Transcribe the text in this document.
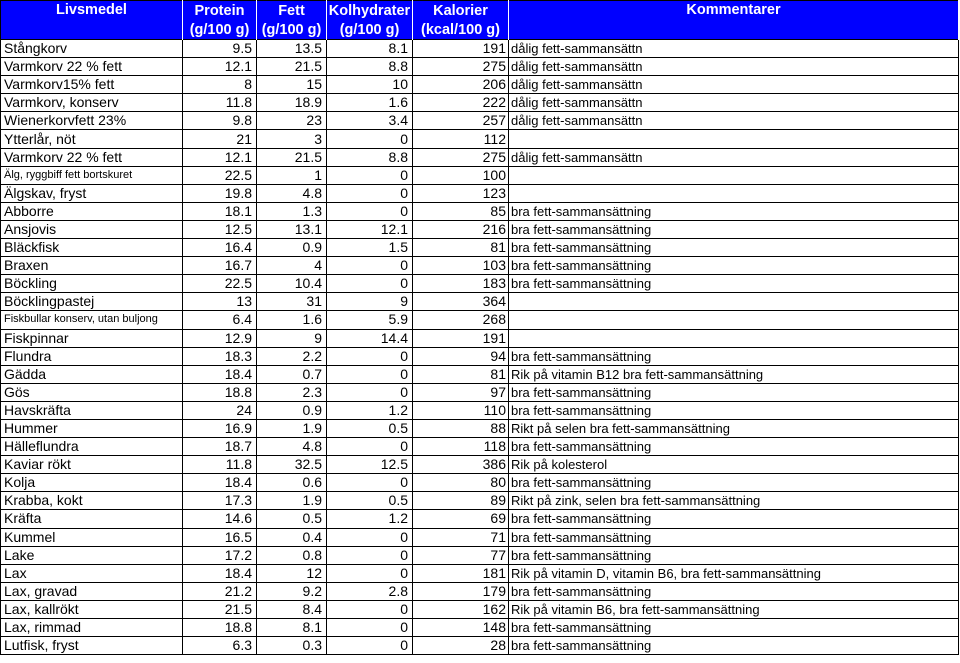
Livsmedel	Protein	Fett	Kolhydrater	Kalorier	Kommentarer
	(g/100 g)	(g/100 g)	(g/100 g)	(kcal/100 g)	
Stångkorv	9.5	13.5	8.1	191	dålig fett-sammansättn
Varmkorv 22 % fett	12.1	21.5	8.8	275	dålig fett-sammansättn
Varmkorv15% fett	8	15	10	206	dålig fett-sammansättn
Varmkorv, konserv	11.8	18.9	1.6	222	dålig fett-sammansättn
Wienerkorvfett 23%	9.8	23	3.4	257	dålig fett-sammansättn
Ytterlår, nöt	21	3	0	112	
Varmkorv 22 % fett	12.1	21.5	8.8	275	dålig fett-sammansättn
Älg, ryggbiff fett bortskuret	22.5	1	0	100	
Älgskav, fryst	19.8	4.8	0	123	
Abborre	18.1	1.3	0	85	bra fett-sammansättning
Ansjovis	12.5	13.1	12.1	216	bra fett-sammansättning
Bläckfisk	16.4	0.9	1.5	81	bra fett-sammansättning
Braxen	16.7	4	0	103	bra fett-sammansättning
Böckling	22.5	10.4	0	183	bra fett-sammansättning
Böcklingpastej	13	31	9	364	
Fiskbullar konserv, utan buljong	6.4	1.6	5.9	268	
Fiskpinnar	12.9	9	14.4	191	
Flundra	18.3	2.2	0	94	bra fett-sammansättning
Gädda	18.4	0.7	0	81	Rik på vitamin B12 bra fett-sammansättning
Gös	18.8	2.3	0	97	bra fett-sammansättning
Havskräfta	24	0.9	1.2	110	bra fett-sammansättning
Hummer	16.9	1.9	0.5	88	Rikt på selen bra fett-sammansättning
Hälleflundra	18.7	4.8	0	118	bra fett-sammansättning
Kaviar rökt	11.8	32.5	12.5	386	Rik på kolesterol
Kolja	18.4	0.6	0	80	bra fett-sammansättning
Krabba, kokt	17.3	1.9	0.5	89	Rikt på zink, selen bra fett-sammansättning
Kräfta	14.6	0.5	1.2	69	bra fett-sammansättning
Kummel	16.5	0.4	0	71	bra fett-sammansättning
Lake	17.2	0.8	0	77	bra fett-sammansättning
Lax	18.4	12	0	181	Rik på vitamin D, vitamin B6, bra fett-sammansättning
Lax, gravad	21.2	9.2	2.8	179	bra fett-sammansättning
Lax, kallrökt	21.5	8.4	0	162	Rik på vitamin B6, bra fett-sammansättning
Lax, rimmad	18.8	8.1	0	148	bra fett-sammansättning
Lutfisk, fryst	6.3	0.3	0	28	bra fett-sammansättning
